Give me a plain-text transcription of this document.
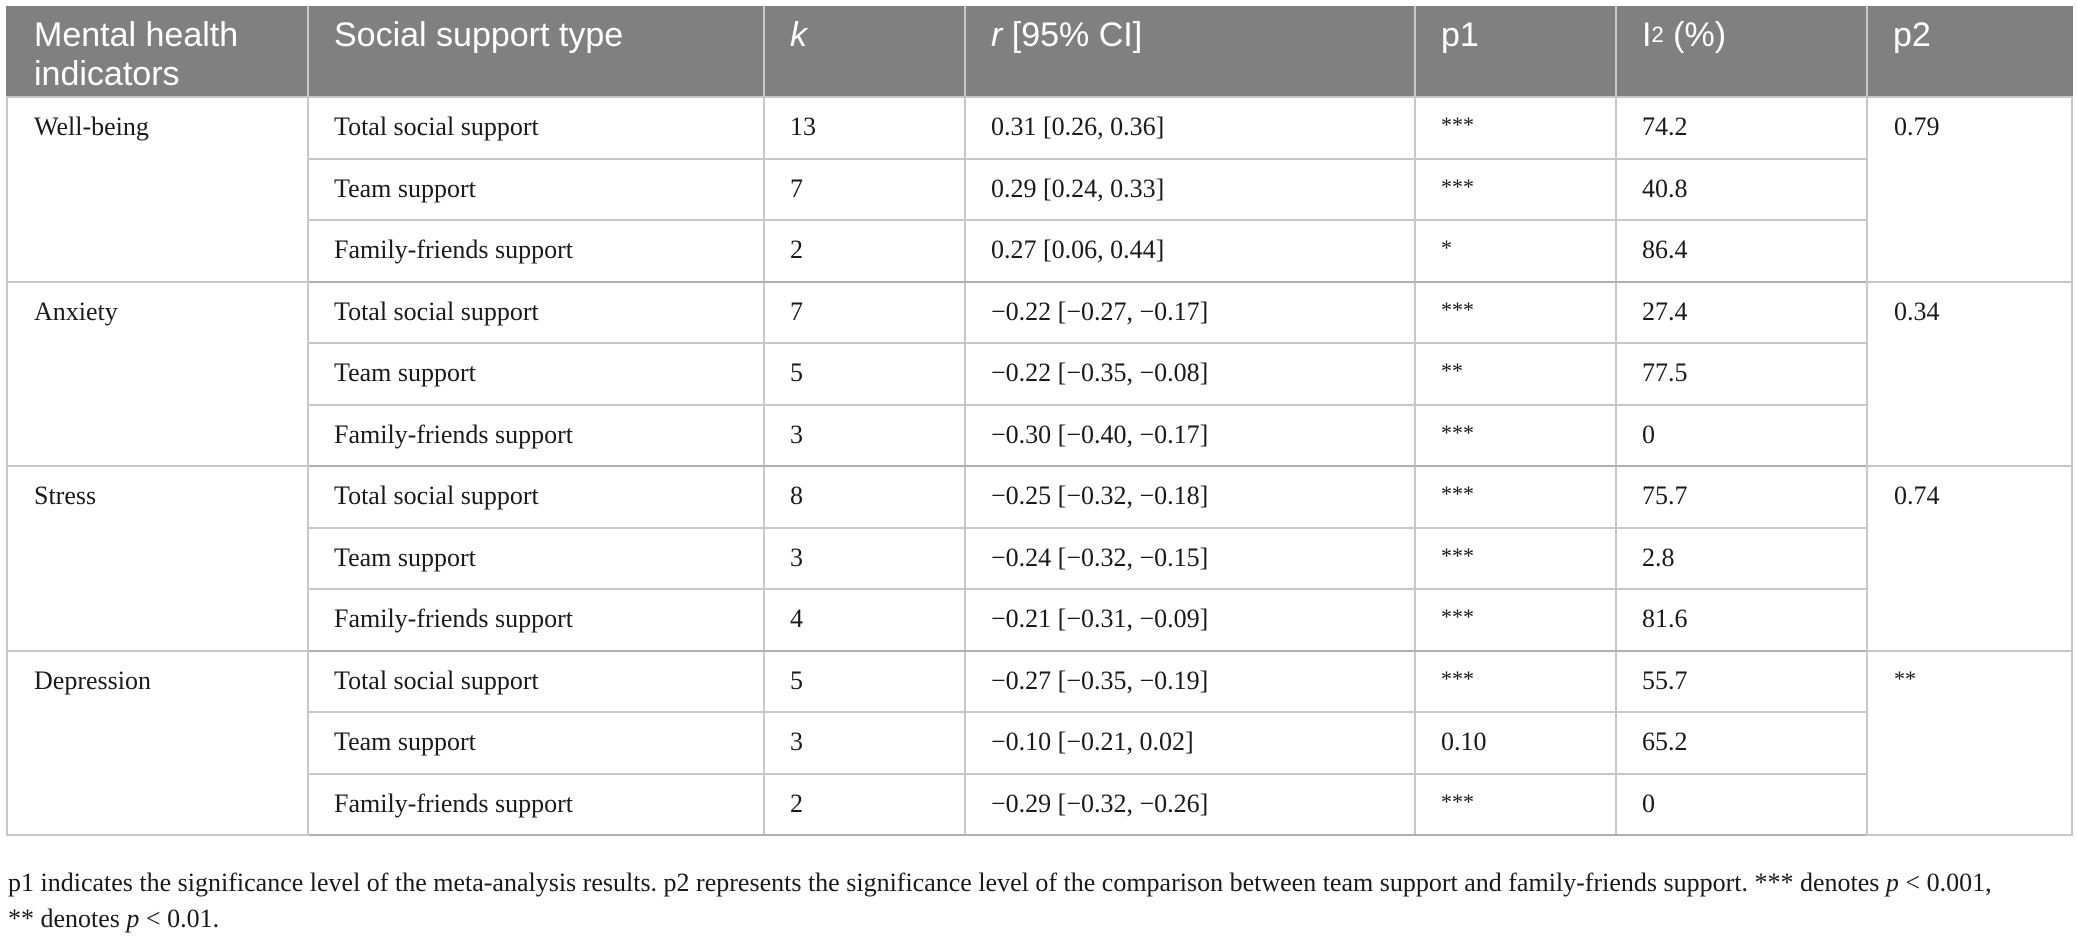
Mental health indicators	Social support type	k	r [95% CI]	p1	$I^2$ (%)	p2
Well-being	Total social support	13	0.31 [0.26, 0.36]	***	74.2	0.79
	Team support	7	0.29 [0.24, 0.33]	***	40.8	
	Family-friends support	2	0.27 [0.06, 0.44]	*	86.4	
Anxiety	Total social support	7	−0.22 [−0.27, −0.17]	***	27.4	0.34
	Team support	5	−0.22 [−0.35, −0.08]	**	77.5	
	Family-friends support	3	−0.30 [−0.40, −0.17]	***	0	
Stress	Total social support	8	−0.25 [−0.32, −0.18]	***	75.7	0.74
	Team support	3	−0.24 [−0.32, −0.15]	***	2.8	
	Family-friends support	4	−0.21 [−0.31, −0.09]	***	81.6	
Depression	Total social support	5	−0.27 [−0.35, −0.19]	***	55.7	**
	Team support	3	−0.10 [−0.21, 0.02]	0.10	65.2	
	Family-friends support	2	−0.29 [−0.32, −0.26]	***	0	
p1 indicates the significance level of the meta-analysis results. p2 represents the significance level of the comparison between team support and family-friends support. *** denotes p < 0.001,
** denotes p < 0.01.
